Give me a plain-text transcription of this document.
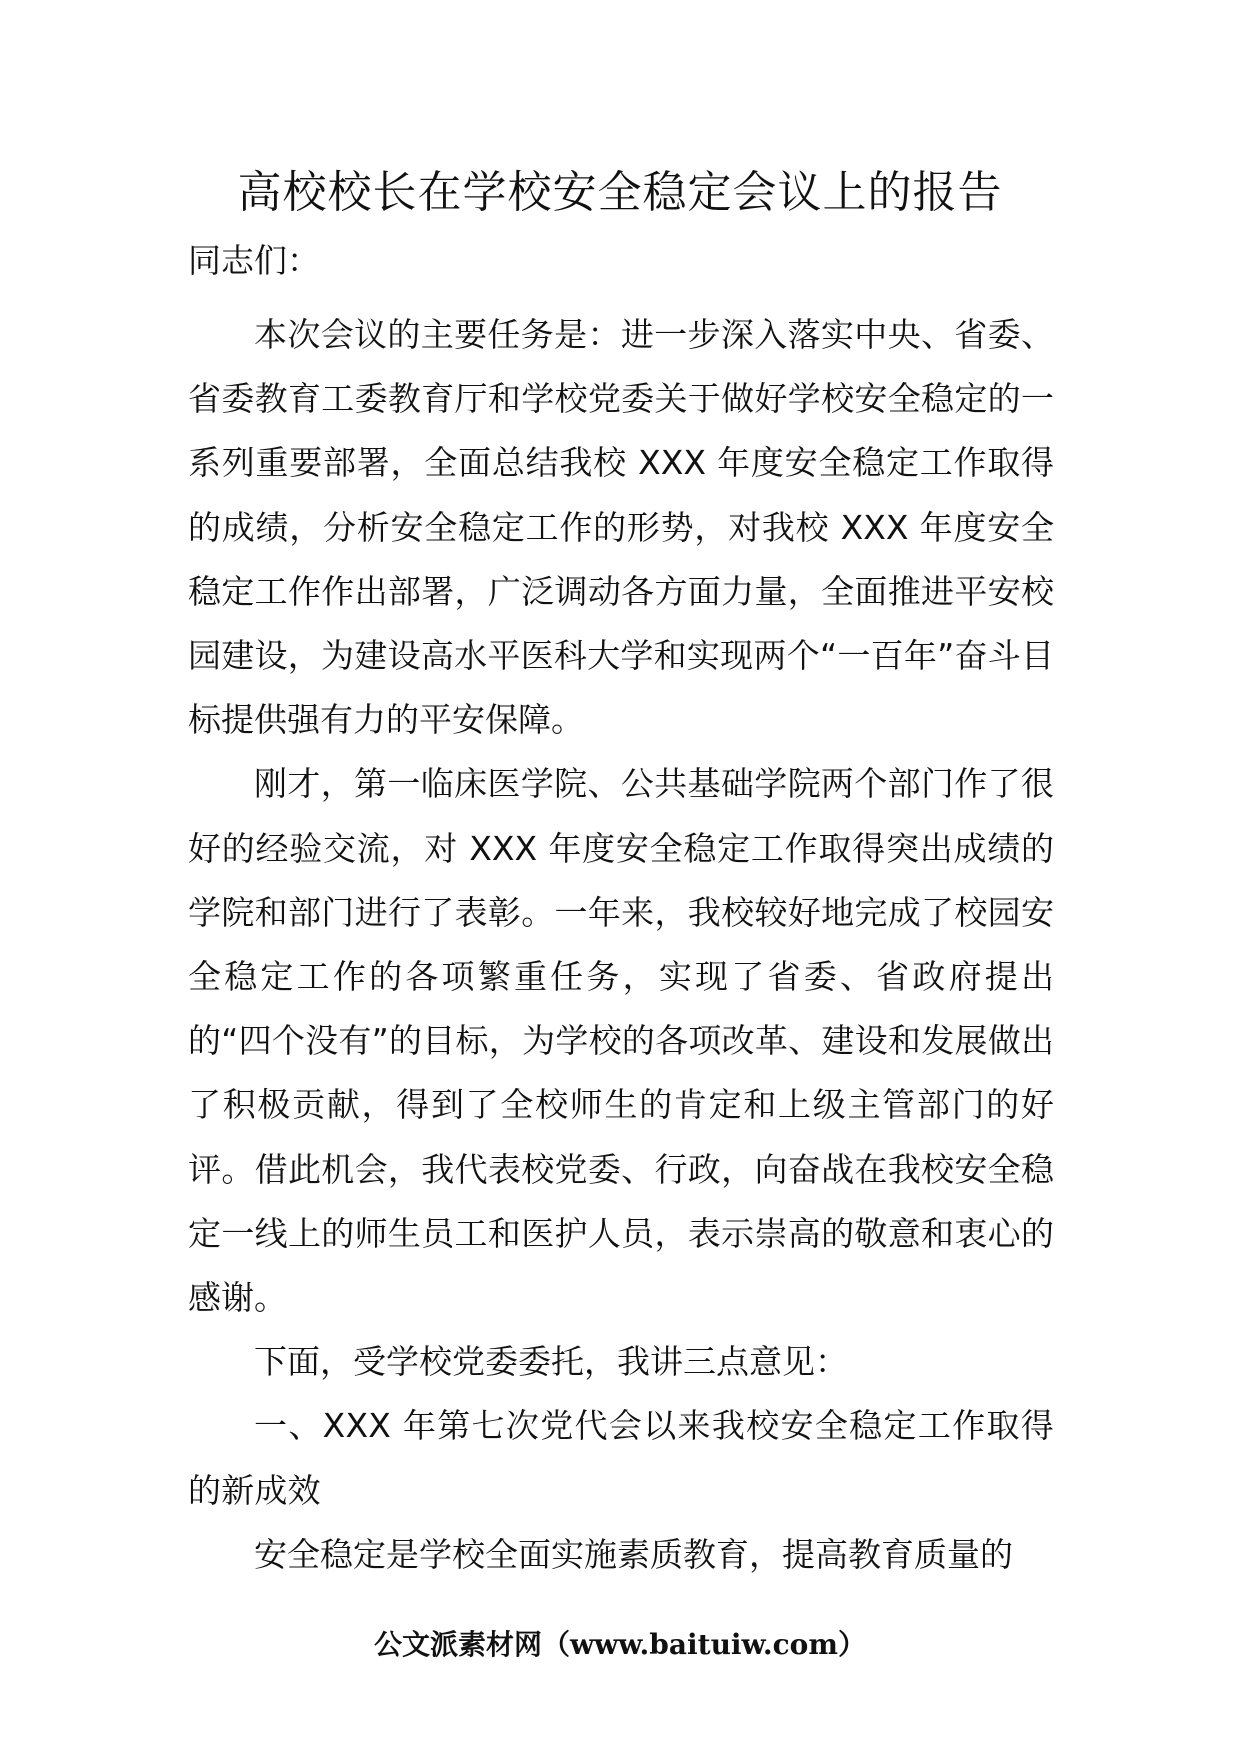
高校校长在学校安全稳定会议上的报告
同志们：

本次会议的主要任务是：进一步深入落实中央、省委、省委教育工委教育厅和学校党委关于做好学校安全稳定的一系列重要部署，全面总结我校 XXX 年度安全稳定工作取得的成绩，分析安全稳定工作的形势，对我校 XXX 年度安全稳定工作作出部署，广泛调动各方面力量，全面推进平安校园建设，为建设高水平医科大学和实现两个“一百年”奋斗目标提供强有力的平安保障。

刚才，第一临床医学院、公共基础学院两个部门作了很好的经验交流，对 XXX 年度安全稳定工作取得突出成绩的学院和部门进行了表彰。一年来，我校较好地完成了校园安全稳定工作的各项繁重任务，实现了省委、省政府提出的“四个没有”的目标，为学校的各项改革、建设和发展做出了积极贡献，得到了全校师生的肯定和上级主管部门的好评。借此机会，我代表校党委、行政，向奋战在我校安全稳定一线上的师生员工和医护人员，表示崇高的敬意和衷心的感谢。

下面，受学校党委委托，我讲三点意见：

一、XXX 年第七次党代会以来我校安全稳定工作取得的新成效

安全稳定是学校全面实施素质教育，提高教育质量的

公文派素材网（www.baituiw.com）
